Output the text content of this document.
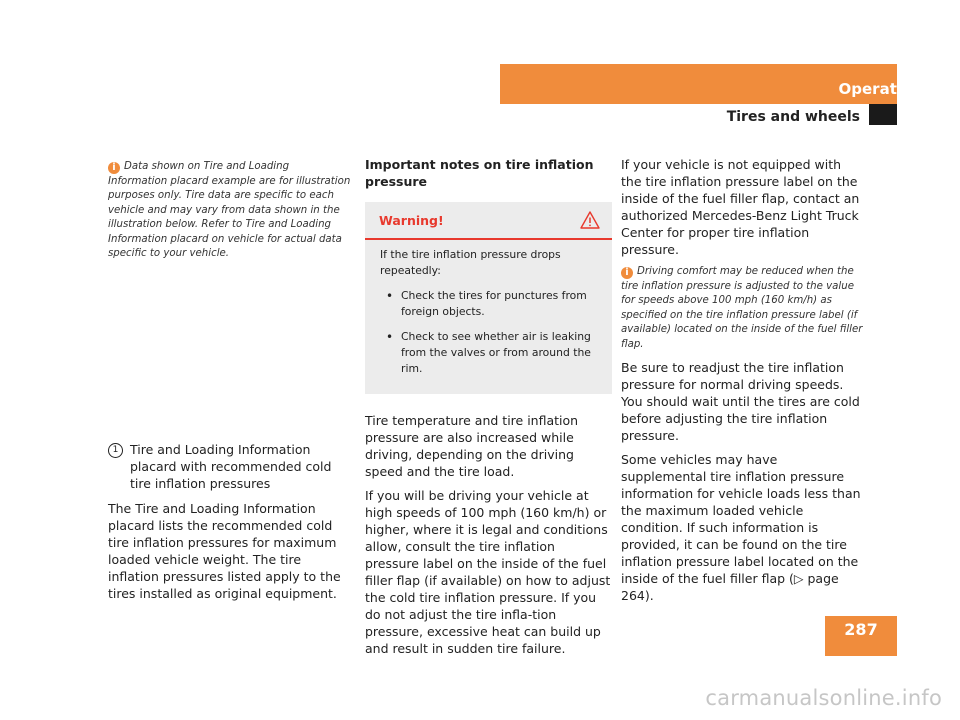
Operation
Tires and wheels

i Data shown on Tire and Loading Information placard example are for illustration purposes only. Tire data are specific to each vehicle and may vary from data shown in the illustration below. Refer to Tire and Loading Information placard on vehicle for actual data specific to your vehicle.

1 Tire and Loading Information placard with recommended cold tire inflation pressures

The Tire and Loading Information placard lists the recommended cold tire inflation pressures for maximum loaded vehicle weight. The tire inflation pressures listed apply to the tires installed as original equipment.

Important notes on tire inflation pressure
Warning!

If the tire inflation pressure drops repeatedly:

• Check the tires for punctures from foreign objects.
• Check to see whether air is leaking from the valves or from around the rim.

Tire temperature and tire inflation pressure are also increased while driving, depending on the driving speed and the tire load.

If you will be driving your vehicle at high speeds of 100 mph (160 km/h) or higher, where it is legal and conditions allow, consult the tire inflation pressure label on the inside of the fuel filler flap (if available) on how to adjust the cold tire inflation pressure. If you do not adjust the tire infla-tion pressure, excessive heat can build up and result in sudden tire failure.

If your vehicle is not equipped with the tire inflation pressure label on the inside of the fuel filler flap, contact an authorized Mercedes-Benz Light Truck Center for proper tire inflation pressure.

i Driving comfort may be reduced when the tire inflation pressure is adjusted to the value for speeds above 100 mph (160 km/h) as specified on the tire inflation pressure label (if available) located on the inside of the fuel filler flap.

Be sure to readjust the tire inflation pressure for normal driving speeds. You should wait until the tires are cold before adjusting the tire inflation pressure.

Some vehicles may have supplemental tire inflation pressure information for vehicle loads less than the maximum loaded vehicle condition. If such information is provided, it can be found on the tire inflation pressure label located on the inside of the fuel filler flap (▷ page 264).

287
carmanualsonline.info
